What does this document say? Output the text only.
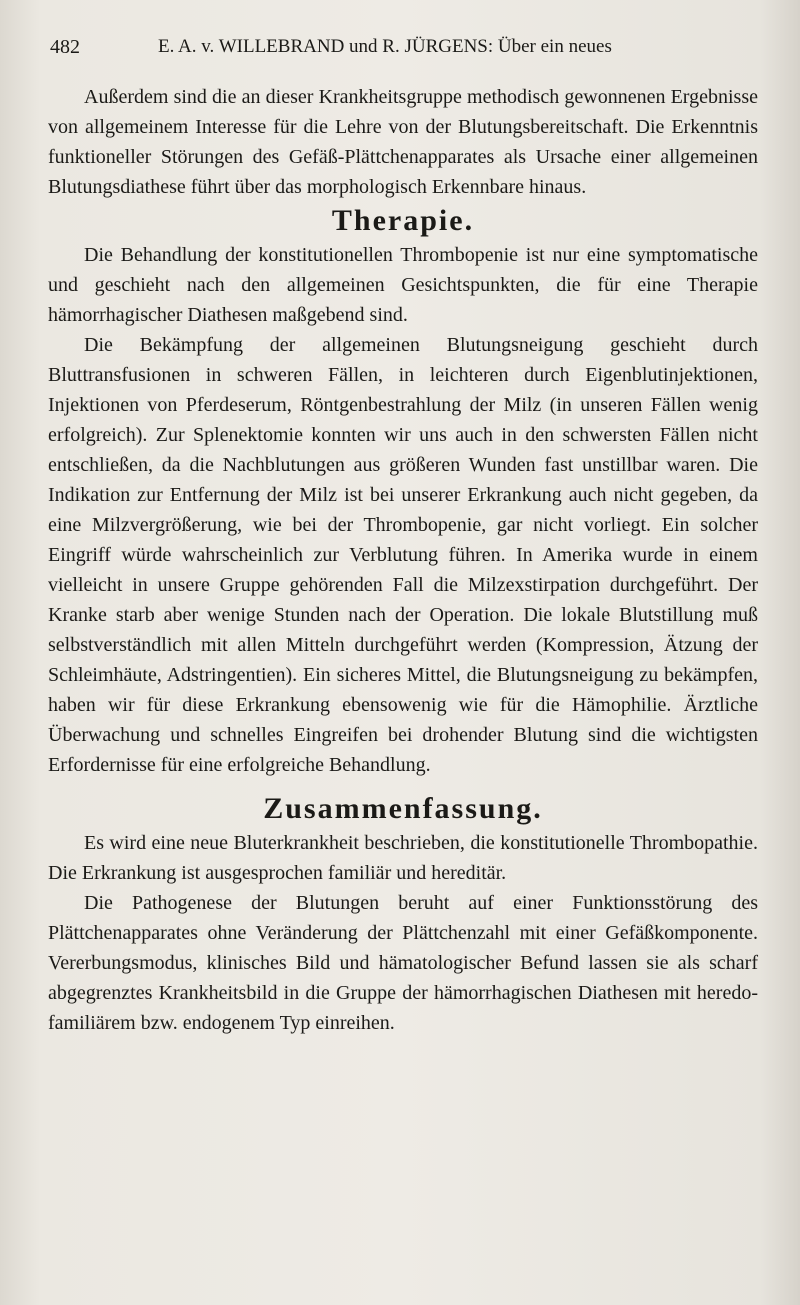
482	E. A. v. WILLEBRAND und R. JÜRGENS: Über ein neues

Außerdem sind die an dieser Krankheitsgruppe methodisch gewonnenen Ergebnisse von allgemeinem Interesse für die Lehre von der Blutungsbereitschaft. Die Erkenntnis funktioneller Störungen des Gefäß-Plättchenapparates als Ursache einer allgemeinen Blutungsdiathese führt über das morphologisch Erkennbare hinaus.

Therapie.

Die Behandlung der konstitutionellen Thrombopenie ist nur eine symptomatische und geschieht nach den allgemeinen Gesichtspunkten, die für eine Therapie hämorrhagischer Diathesen maßgebend sind.

Die Bekämpfung der allgemeinen Blutungsneigung geschieht durch Bluttransfusionen in schweren Fällen, in leichteren durch Eigenblutinjektionen, Injektionen von Pferdeserum, Röntgenbestrahlung der Milz (in unseren Fällen wenig erfolgreich). Zur Splenektomie konnten wir uns auch in den schwersten Fällen nicht entschließen, da die Nachblutungen aus größeren Wunden fast unstillbar waren. Die Indikation zur Entfernung der Milz ist bei unserer Erkrankung auch nicht gegeben, da eine Milzvergrößerung, wie bei der Thrombopenie, gar nicht vorliegt. Ein solcher Eingriff würde wahrscheinlich zur Verblutung führen. In Amerika wurde in einem vielleicht in unsere Gruppe gehörenden Fall die Milzexstirpation durchgeführt. Der Kranke starb aber wenige Stunden nach der Operation. Die lokale Blutstillung muß selbstverständlich mit allen Mitteln durchgeführt werden (Kompression, Ätzung der Schleimhäute, Adstringentien). Ein sicheres Mittel, die Blutungsneigung zu bekämpfen, haben wir für diese Erkrankung ebensowenig wie für die Hämophilie. Ärztliche Überwachung und schnelles Eingreifen bei drohender Blutung sind die wichtigsten Erfordernisse für eine erfolgreiche Behandlung.

Zusammenfassung.

Es wird eine neue Bluterkrankheit beschrieben, die konstitutionelle Thrombopathie. Die Erkrankung ist ausgesprochen familiär und hereditär.

Die Pathogenese der Blutungen beruht auf einer Funktionsstörung des Plättchenapparates ohne Veränderung der Plättchenzahl mit einer Gefäßkomponente. Vererbungsmodus, klinisches Bild und hämatologischer Befund lassen sie als scharf abgegrenztes Krankheitsbild in die Gruppe der hämorrhagischen Diathesen mit heredo-familiärem bzw. endogenem Typ einreihen.
